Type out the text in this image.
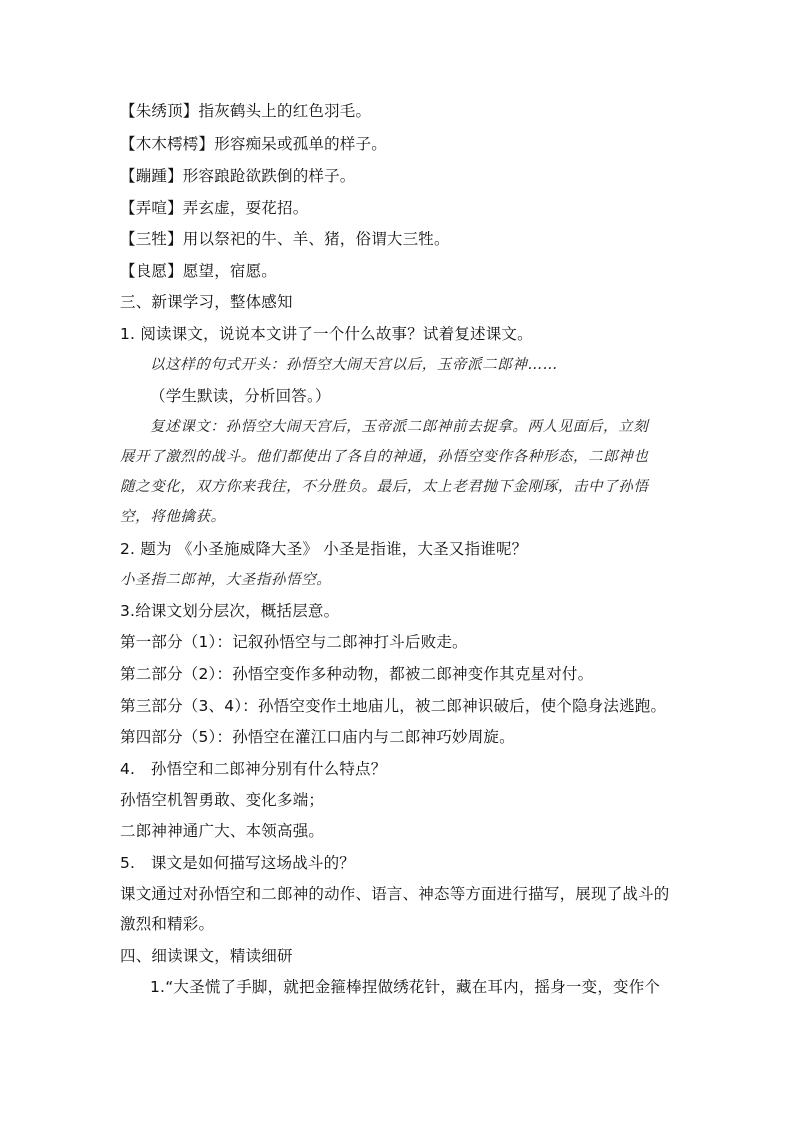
【朱绣顶】指灰鹤头上的红色羽毛。
【木木樗樗】形容痴呆或孤单的样子。
【蹦踵】形容踉跄欲跌倒的样子。
【弄喧】弄玄虚，耍花招。
【三牲】用以祭祀的牛、羊、猪，俗谓大三牲。
【良愿】愿望，宿愿。
三、新课学习，整体感知
1. 阅读课文，说说本文讲了一个什么故事？试着复述课文。
以这样的句式开头：孙悟空大闹天宫以后，玉帝派二郎神……
（学生默读，分析回答。）
复述课文：孙悟空大闹天宫后，玉帝派二郎神前去捉拿。两人见面后，立刻
展开了激烈的战斗。他们都使出了各自的神通，孙悟空变作各种形态，二郎神也
随之变化，双方你来我往，不分胜负。最后，太上老君抛下金刚琢，击中了孙悟
空，将他擒获。
2. 题为 《小圣施威降大圣》 小圣是指谁，大圣又指谁呢？
小圣指二郎神，大圣指孙悟空。
3.给课文划分层次，概括层意。
第一部分（1）：记叙孙悟空与二郎神打斗后败走。
第二部分（2）：孙悟空变作多种动物，都被二郎神变作其克星对付。
第三部分（3、4）：孙悟空变作土地庙儿，被二郎神识破后，使个隐身法逃跑。
第四部分（5）：孙悟空在灌江口庙内与二郎神巧妙周旋。
4.　孙悟空和二郎神分别有什么特点？
孙悟空机智勇敢、变化多端；
二郎神神通广大、本领高强。
5.　课文是如何描写这场战斗的？
课文通过对孙悟空和二郎神的动作、语言、神态等方面进行描写，展现了战斗的
激烈和精彩。
四、细读课文，精读细研
1.“大圣慌了手脚，就把金箍棒捏做绣花针，藏在耳内，摇身一变，变作个
